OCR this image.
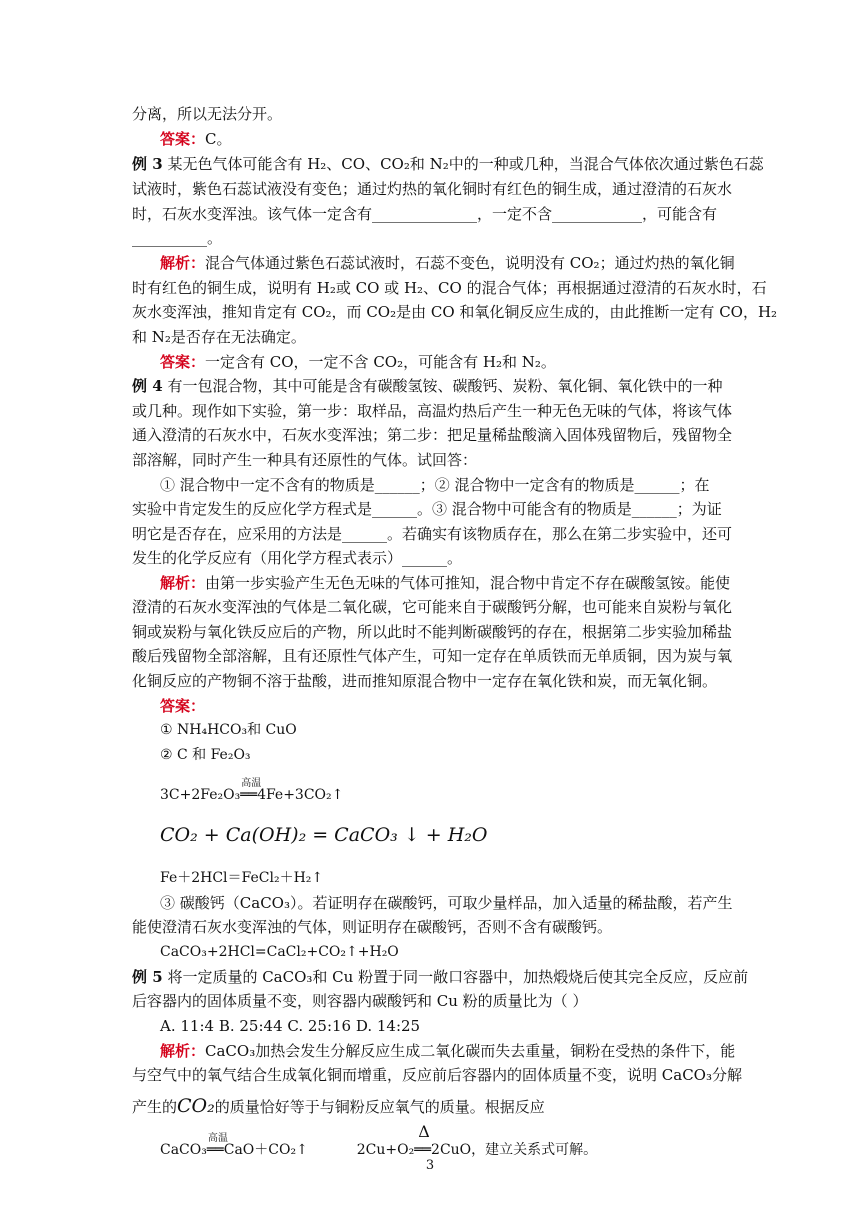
分离，所以无法分开。
答案：C。
例 3 某无色气体可能含有 H₂、CO、CO₂和 N₂中的一种或几种，当混合气体依次通过紫色石蕊
试液时，紫色石蕊试液没有变色；通过灼热的氧化铜时有红色的铜生成，通过澄清的石灰水
时，石灰水变浑浊。该气体一定含有______________，一定不含____________，可能含有
__________。
解析：混合气体通过紫色石蕊试液时，石蕊不变色，说明没有 CO₂；通过灼热的氧化铜
时有红色的铜生成，说明有 H₂或 CO 或 H₂、CO 的混合气体；再根据通过澄清的石灰水时，石
灰水变浑浊，推知肯定有 CO₂，而 CO₂是由 CO 和氧化铜反应生成的，由此推断一定有 CO，H₂
和 N₂是否存在无法确定。
答案：一定含有 CO，一定不含 CO₂，可能含有 H₂和 N₂。
例 4 有一包混合物，其中可能是含有碳酸氢铵、碳酸钙、炭粉、氧化铜、氧化铁中的一种
或几种。现作如下实验，第一步：取样品，高温灼热后产生一种无色无味的气体，将该气体
通入澄清的石灰水中，石灰水变浑浊；第二步：把足量稀盐酸滴入固体残留物后，残留物全
部溶解，同时产生一种具有还原性的气体。试回答：
① 混合物中一定不含有的物质是______；② 混合物中一定含有的物质是______；在
实验中肯定发生的反应化学方程式是______。③ 混合物中可能含有的物质是______；为证
明它是否存在，应采用的方法是______。若确实有该物质存在，那么在第二步实验中，还可
发生的化学反应有（用化学方程式表示）______。
解析：由第一步实验产生无色无味的气体可推知，混合物中肯定不存在碳酸氢铵。能使
澄清的石灰水变浑浊的气体是二氧化碳，它可能来自于碳酸钙分解，也可能来自炭粉与氧化
铜或炭粉与氧化铁反应后的产物，所以此时不能判断碳酸钙的存在，根据第二步实验加稀盐
酸后残留物全部溶解，且有还原性气体产生，可知一定存在单质铁而无单质铜，因为炭与氧
化铜反应的产物铜不溶于盐酸，进而推知原混合物中一定存在氧化铁和炭，而无氧化铜。
答案：
① NH₄HCO₃和 CuO
② C 和 Fe₂O₃
3C+2Fe₂O₃
高温
══4Fe+3CO₂↑
CO₂ + Ca(OH)₂ = CaCO₃ ↓ + H₂O
Fe＋2HCl＝FeCl₂＋H₂↑
③ 碳酸钙（CaCO₃）。若证明存在碳酸钙，可取少量样品，加入适量的稀盐酸，若产生
能使澄清石灰水变浑浊的气体，则证明存在碳酸钙，否则不含有碳酸钙。
CaCO₃+2HCl=CaCl₂+CO₂↑+H₂O
例 5 将一定质量的 CaCO₃和 Cu 粉置于同一敞口容器中，加热煅烧后使其完全反应，反应前
后容器内的固体质量不变，则容器内碳酸钙和 Cu 粉的质量比为（ ）
A. 11:4 B. 25:44 C. 25:16 D. 14:25
解析：CaCO₃加热会发生分解反应生成二氧化碳而失去重量，铜粉在受热的条件下，能
与空气中的氧气结合生成氧化铜而增重，反应前后容器内的固体质量不变，说明 CaCO₃分解
产生的CO₂的质量恰好等于与铜粉反应氧气的质量。根据反应
CaCO₃
高温
══CaO＋CO₂↑	2Cu+O₂
Δ
══2CuO，建立关系式可解。
3
